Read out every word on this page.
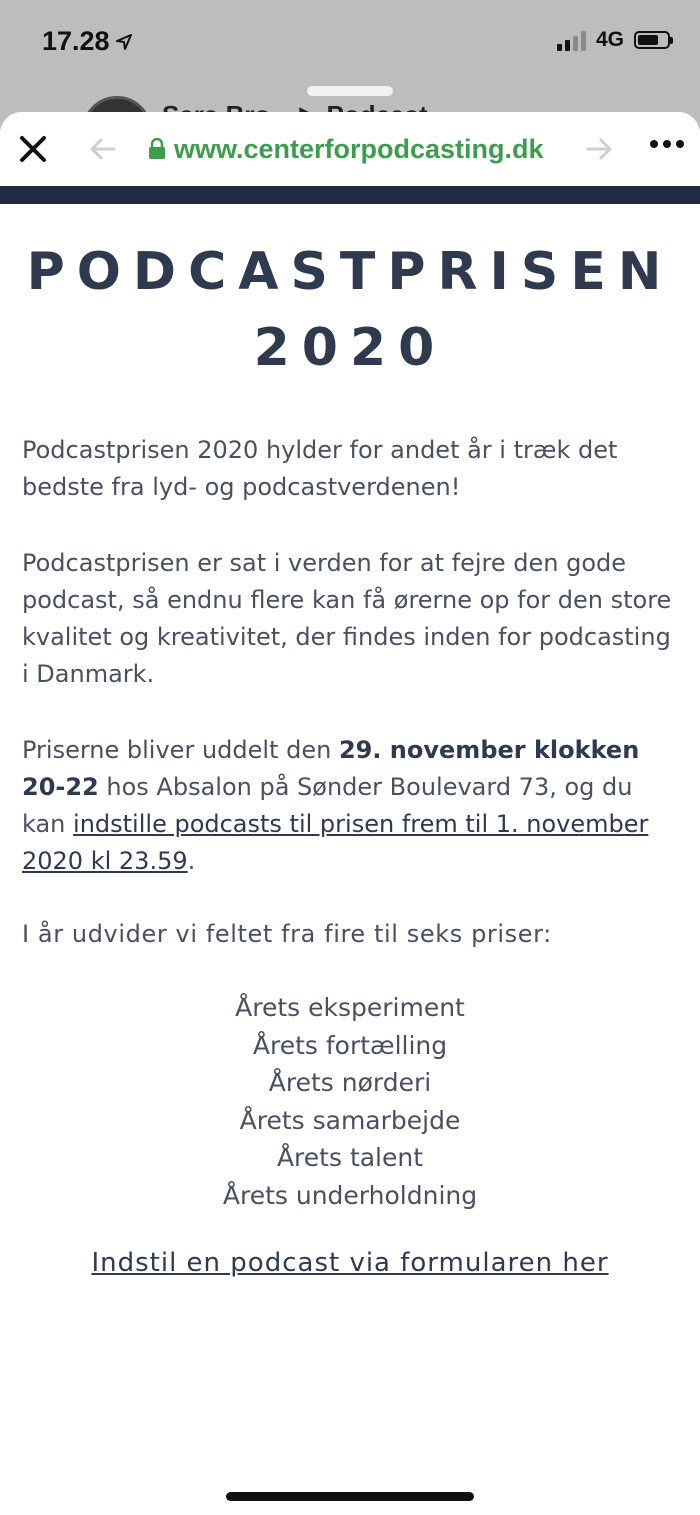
17.28	4G
www.centerforpodcasting.dk
PODCASTPRISEN
2020

Podcastprisen 2020 hylder for andet år i træk det bedste fra lyd- og podcastverdenen!

Podcastprisen er sat i verden for at fejre den gode podcast, så endnu flere kan få ørerne op for den store kvalitet og kreativitet, der findes inden for podcasting i Danmark.

Priserne bliver uddelt den 29. november klokken 20-22 hos Absalon på Sønder Boulevard 73, og du kan indstille podcasts til prisen frem til 1. november 2020 kl 23.59.

I år udvider vi feltet fra fire til seks priser:

Årets eksperiment
Årets fortælling
Årets nørderi
Årets samarbejde
Årets talent
Årets underholdning
Indstil en podcast via formularen her
